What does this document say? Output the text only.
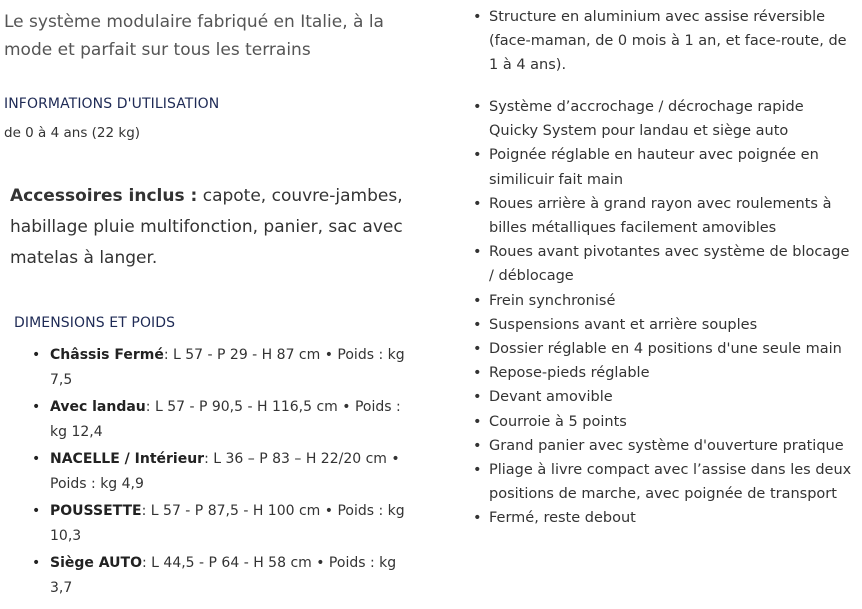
Le système modulaire fabriqué en Italie, à la mode et parfait sur tous les terrains

INFORMATIONS D'UTILISATION

de 0 à 4 ans (22 kg)

Accessoires inclus : capote, couvre-jambes, habillage pluie multifonction, panier, sac avec matelas à langer.

DIMENSIONS ET POIDS
• Châssis Fermé: L 57 - P 29 - H 87 cm • Poids : kg 7,5
• Avec landau: L 57 - P 90,5 - H 116,5 cm • Poids : kg 12,4
• NACELLE / Intérieur: L 36 – P 83 – H 22/20 cm • Poids : kg 4,9
• POUSSETTE: L 57 - P 87,5 - H 100 cm • Poids : kg 10,3
• Siège AUTO: L 44,5 - P 64 - H 58 cm • Poids : kg 3,7
• Structure en aluminium avec assise réversible (face-maman, de 0 mois à 1 an, et face-route, de 1 à 4 ans).
• Système d’accrochage / décrochage rapide Quicky System pour landau et siège auto
• Poignée réglable en hauteur avec poignée en similicuir fait main
• Roues arrière à grand rayon avec roulements à billes métalliques facilement amovibles
• Roues avant pivotantes avec système de blocage / déblocage
• Frein synchronisé
• Suspensions avant et arrière souples
• Dossier réglable en 4 positions d'une seule main
• Repose-pieds réglable
• Devant amovible
• Courroie à 5 points
• Grand panier avec système d'ouverture pratique
• Pliage à livre compact avec l’assise dans les deux positions de marche, avec poignée de transport
• Fermé, reste debout
